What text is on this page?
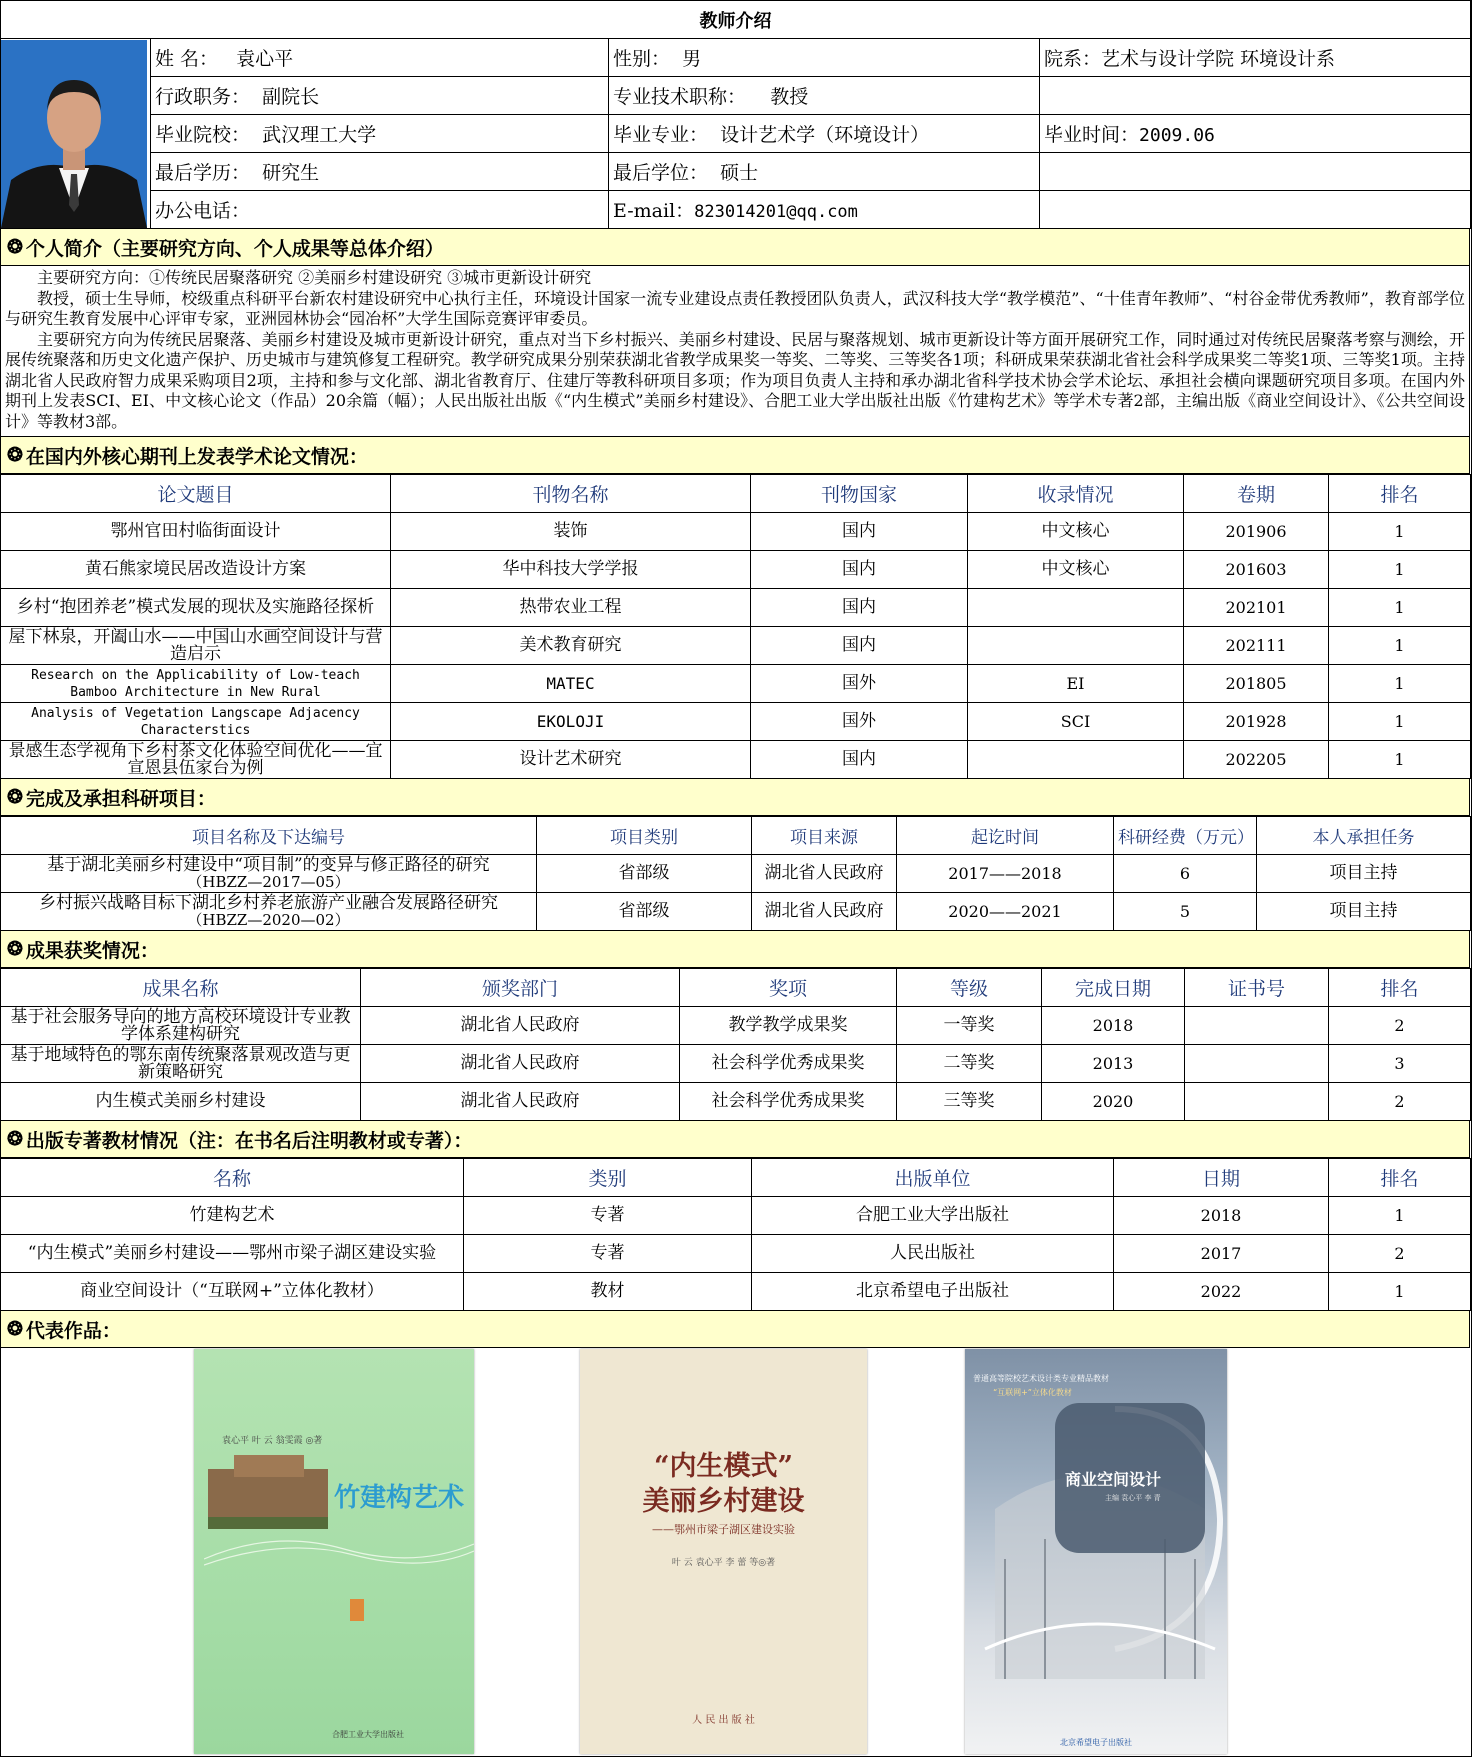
教师介绍			

	姓 名： 袁心平	性别： 男	院系：艺术与设计学院 环境设计系
	行政职务： 副院长	专业技术职称： 教授	
	毕业院校： 武汉理工大学	毕业专业： 设计艺术学（环境设计）	毕业时间：2009.06
	最后学历： 研究生	最后学位： 硕士	
	办公电话：	E-mail：823014201@qq.com	
❂ 个人简介（主要研究方向、个人成果等总体介绍）

主要研究方向：①传统民居聚落研究 ②美丽乡村建设研究 ③城市更新设计研究

教授，硕士生导师，校级重点科研平台新农村建设研究中心执行主任，环境设计国家一流专业建设点责任教授团队负责人，武汉科技大学“教学模范”、“十佳青年教师”、“村谷金带优秀教师”，教育部学位与研究生教育发展中心评审专家，亚洲园林协会“园冶杯”大学生国际竞赛评审委员。

主要研究方向为传统民居聚落、美丽乡村建设及城市更新设计研究，重点对当下乡村振兴、美丽乡村建设、民居与聚落规划、城市更新设计等方面开展研究工作，同时通过对传统民居聚落考察与测绘，开展传统聚落和历史文化遗产保护、历史城市与建筑修复工程研究。教学研究成果分别荣获湖北省教学成果奖一等奖、二等奖、三等奖各1项；科研成果荣获湖北省社会科学成果奖二等奖1项、三等奖1项。主持湖北省人民政府智力成果采购项目2项，主持和参与文化部、湖北省教育厅、住建厅等教科研项目多项；作为项目负责人主持和承办湖北省科学技术协会学术论坛、承担社会横向课题研究项目多项。在国内外期刊上发表SCI、EI、中文核心论文（作品）20余篇（幅）；人民出版社出版《“内生模式”美丽乡村建设》、合肥工业大学出版社出版《竹建构艺术》等学术专著2部，主编出版《商业空间设计》、《公共空间设计》等教材3部。

❂ 在国内外核心期刊上发表学术论文情况：
论文题目	刊物名称	刊物国家	收录情况	卷期	排名
鄂州官田村临街面设计	装饰	国内	中文核心	201906	1
黄石熊家境民居改造设计方案	华中科技大学学报	国内	中文核心	201603	1
乡村“抱团养老”模式发展的现状及实施路径探析	热带农业工程	国内		202101	1
屋下林泉，开阖山水——中国山水画空间设计与营造启示	美术教育研究	国内		202111	1
Research on the Applicability of Low-teach Bamboo Architecture in New Rural	MATEC	国外	EI	201805	1
Analysis of Vegetation Langscape Adjacency Characterstics	EKOLOJI	国外	SCI	201928	1
景感生态学视角下乡村茶文化体验空间优化——宜宣恩县伍家台为例	设计艺术研究	国内		202205	1
❂ 完成及承担科研项目：
项目名称及下达编号	项目类别	项目来源	起讫时间	科研经费（万元）	本人承担任务

基于湖北美丽乡村建设中“项目制”的变异与修正路径的研究
（HBZZ—2017—05）	省部级	湖北省人民政府	2017——2018	6	项目主持

乡村振兴战略目标下湖北乡村养老旅游产业融合发展路径研究
（HBZZ—2020—02）	省部级	湖北省人民政府	2020——2021	5	项目主持
❂ 成果获奖情况：
成果名称	颁奖部门	奖项	等级	完成日期	证书号	排名
基于社会服务导向的地方高校环境设计专业教学体系建构研究	湖北省人民政府	教学教学成果奖	一等奖	2018		2
基于地域特色的鄂东南传统聚落景观改造与更新策略研究	湖北省人民政府	社会科学优秀成果奖	二等奖	2013		3
内生模式美丽乡村建设	湖北省人民政府	社会科学优秀成果奖	三等奖	2020		2
❂ 出版专著教材情况（注：在书名后注明教材或专著）：
名称	类别	出版单位	日期	排名
竹建构艺术	专著	合肥工业大学出版社	2018	1
“内生模式”美丽乡村建设——鄂州市梁子湖区建设实验	专著	人民出版社	2017	2
商业空间设计（“互联网+”立体化教材）	教材	北京希望电子出版社	2022	1
❂ 代表作品：
袁心平 叶 云 翁雯霞 ◎著
竹建构艺术
合肥工业大学出版社
“内生模式”
美丽乡村建设
——鄂州市梁子湖区建设实验
叶 云 袁心平 李 蕾 等◎著
人 民 出 版 社
普通高等院校艺术设计类专业精品教材
“互联网+”立体化教材
商业空间设计
主编 袁心平 李 青
北京希望电子出版社
